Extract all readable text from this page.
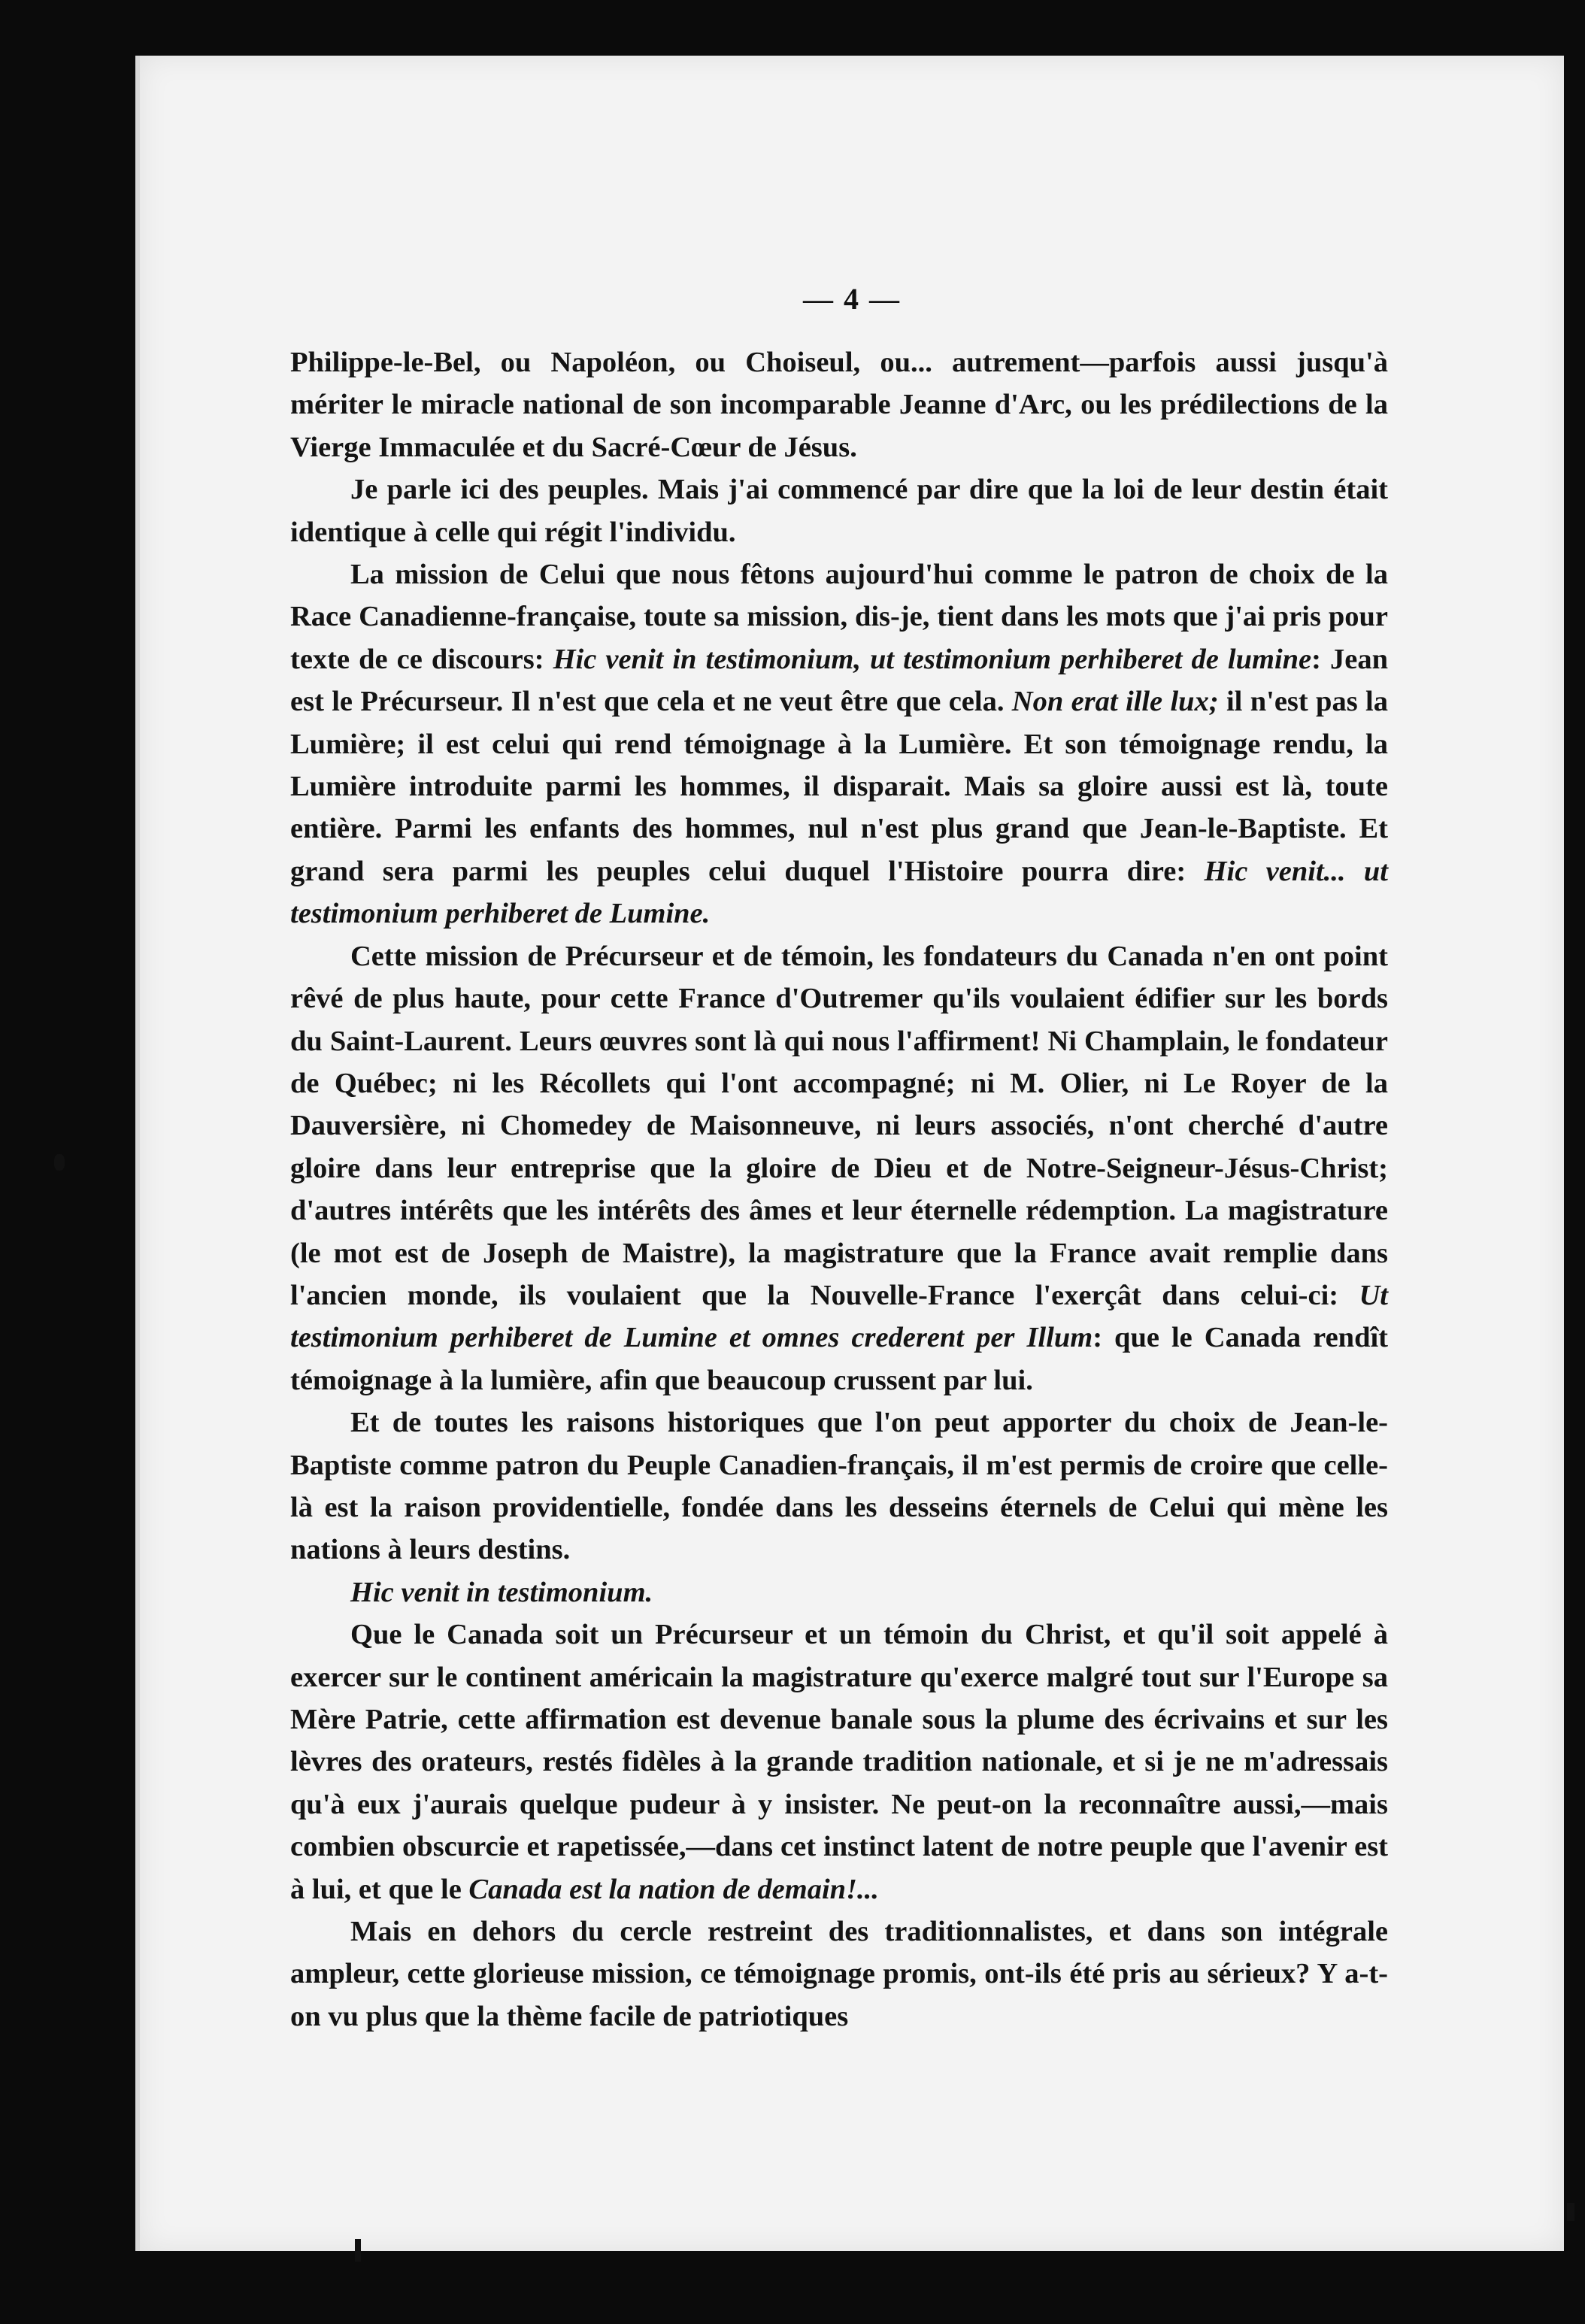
— 4 —

Philippe-le-Bel, ou Napoléon, ou Choiseul, ou... autrement—parfois aussi jusqu'à mériter le miracle national de son incomparable Jeanne d'Arc, ou les prédilections de la Vierge Immaculée et du Sacré-Cœur de Jésus.

Je parle ici des peuples. Mais j'ai commencé par dire que la loi de leur destin était identique à celle qui régit l'individu.

La mission de Celui que nous fêtons aujourd'hui comme le patron de choix de la Race Canadienne-française, toute sa mission, dis-je, tient dans les mots que j'ai pris pour texte de ce discours: Hic venit in testimonium, ut testimonium perhiberet de lumine: Jean est le Précurseur. Il n'est que cela et ne veut être que cela. Non erat ille lux; il n'est pas la Lumière; il est celui qui rend témoignage à la Lumière. Et son témoignage rendu, la Lumière introduite parmi les hommes, il disparait. Mais sa gloire aussi est là, toute entière. Parmi les enfants des hommes, nul n'est plus grand que Jean-le-Baptiste. Et grand sera parmi les peuples celui duquel l'Histoire pourra dire: Hic venit... ut testimonium perhiberet de Lumine.

Cette mission de Précurseur et de témoin, les fondateurs du Canada n'en ont point rêvé de plus haute, pour cette France d'Outremer qu'ils voulaient édifier sur les bords du Saint-Laurent. Leurs œuvres sont là qui nous l'affirment! Ni Champlain, le fondateur de Québec; ni les Récollets qui l'ont accompagné; ni M. Olier, ni Le Royer de la Dauversière, ni Chomedey de Maisonneuve, ni leurs associés, n'ont cherché d'autre gloire dans leur entreprise que la gloire de Dieu et de Notre-Seigneur-Jésus-Christ; d'autres intérêts que les intérêts des âmes et leur éternelle rédemption. La magistrature (le mot est de Joseph de Maistre), la magistrature que la France avait remplie dans l'ancien monde, ils voulaient que la Nouvelle-France l'exerçât dans celui-ci: Ut testimonium perhiberet de Lumine et omnes crederent per Illum: que le Canada rendît témoignage à la lumière, afin que beaucoup crussent par lui.

Et de toutes les raisons historiques que l'on peut apporter du choix de Jean-le-Baptiste comme patron du Peuple Canadien-français, il m'est permis de croire que celle-là est la raison providentielle, fondée dans les desseins éternels de Celui qui mène les nations à leurs destins.

Hic venit in testimonium.

Que le Canada soit un Précurseur et un témoin du Christ, et qu'il soit appelé à exercer sur le continent américain la magistrature qu'exerce malgré tout sur l'Europe sa Mère Patrie, cette affirmation est devenue banale sous la plume des écrivains et sur les lèvres des orateurs, restés fidèles à la grande tradition nationale, et si je ne m'adressais qu'à eux j'aurais quelque pudeur à y insister. Ne peut-on la reconnaître aussi,—mais combien obscurcie et rapetissée,—dans cet instinct latent de notre peuple que l'avenir est à lui, et que le Canada est la nation de demain!...

Mais en dehors du cercle restreint des traditionnalistes, et dans son intégrale ampleur, cette glorieuse mission, ce témoignage promis, ont-ils été pris au sérieux? Y a-t-on vu plus que la thème facile de patriotiques
